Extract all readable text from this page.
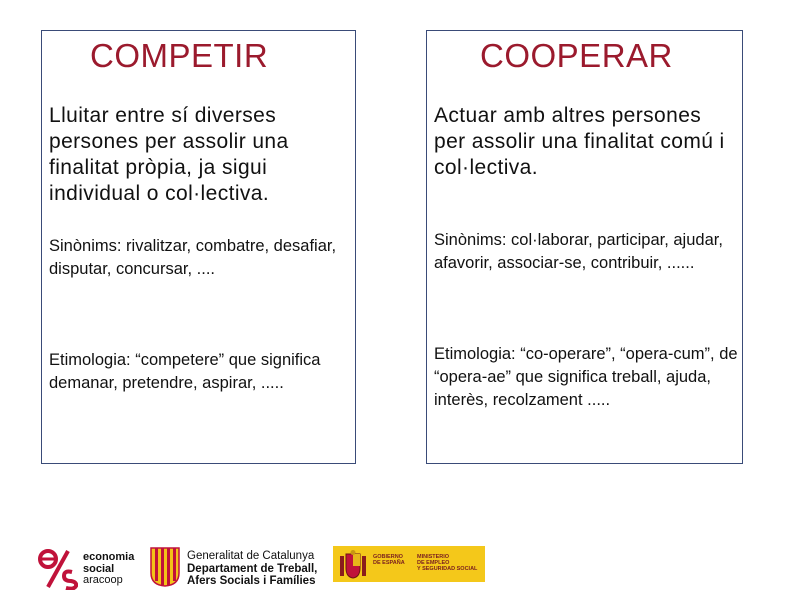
COMPETIR
Lluitar entre sí diverses persones per assolir una finalitat pròpia, ja sigui individual o col·lectiva.
Sinònims: rivalitzar, combatre, desafiar, disputar, concursar, ....
Etimologia: “competere” que significa demanar, pretendre, aspirar, .....
COOPERAR
Actuar amb altres persones per assolir una finalitat comú i col·lectiva.
Sinònims: col·laborar, participar, ajudar, afavorir, associar-se, contribuir, ......
Etimologia: “co-operare”, “opera-cum”, de “opera-ae” que significa treball, ajuda, interès, recolzament .....
economia
social
aracoop
Generalitat de Catalunya
Departament de Treball,
Afers Socials i Famílies
GOBIERNO
DE ESPAÑA
MINISTERIO
DE EMPLEO
Y SEGURIDAD SOCIAL
